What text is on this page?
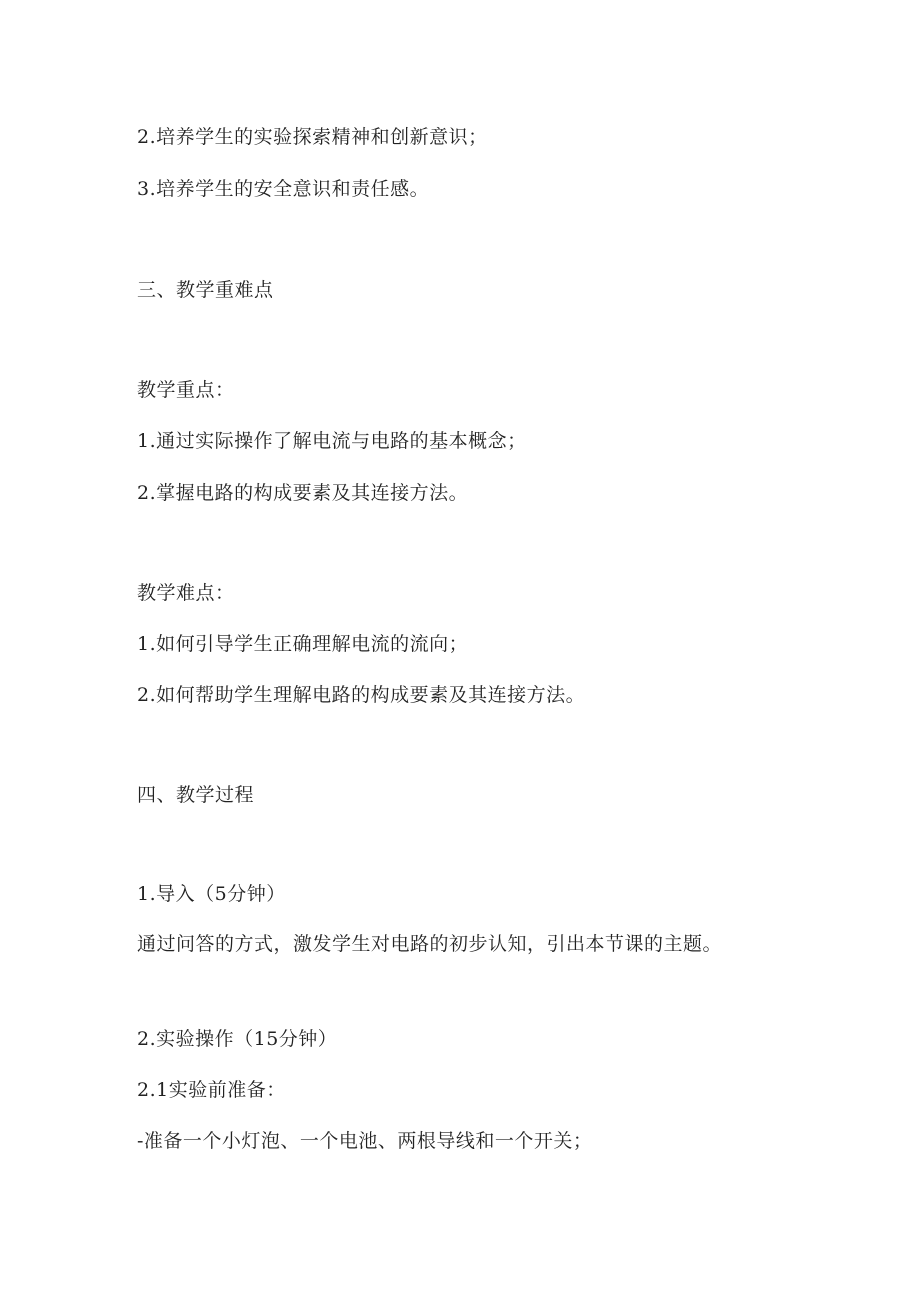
2.培养学生的实验探索精神和创新意识；
3.培养学生的安全意识和责任感。
三、教学重难点
教学重点：
1.通过实际操作了解电流与电路的基本概念；
2.掌握电路的构成要素及其连接方法。
教学难点：
1.如何引导学生正确理解电流的流向；
2.如何帮助学生理解电路的构成要素及其连接方法。
四、教学过程
1.导入（5分钟）
通过问答的方式，激发学生对电路的初步认知，引出本节课的主题。
2.实验操作（15分钟）
2.1实验前准备：
-准备一个小灯泡、一个电池、两根导线和一个开关；
